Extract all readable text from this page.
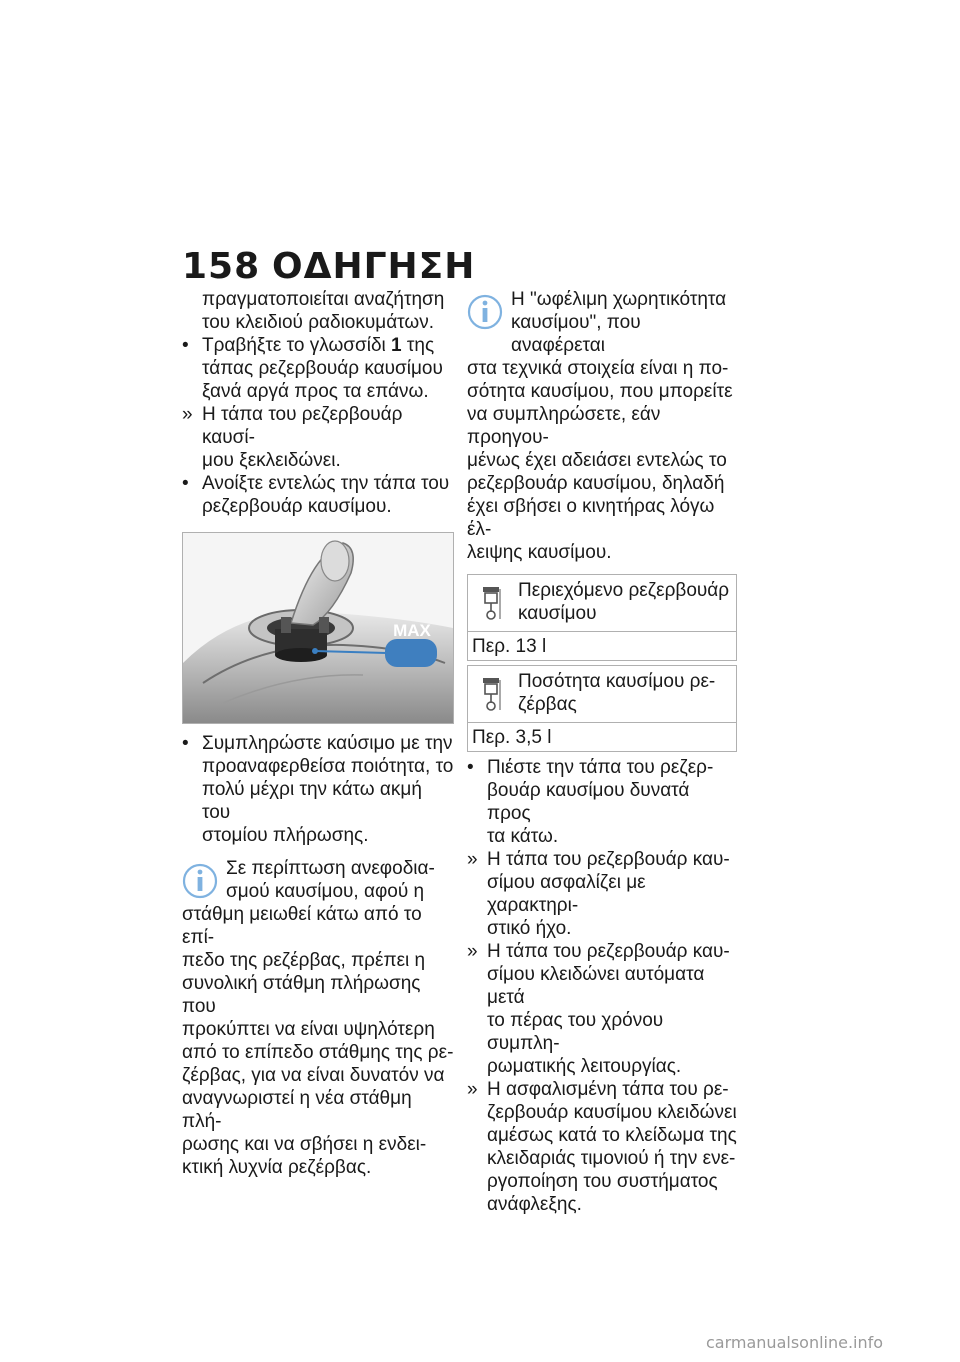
158 ΟΔΗΓΗΣΗ
πραγματοποιείται αναζήτηση
του κλειδιού ραδιοκυμάτων.
• Τραβήξτε το γλωσσίδι 1 της
τάπας ρεζερβουάρ καυσίμου
ξανά αργά προς τα επάνω.
» Η τάπα του ρεζερβουάρ καυσί-
μου ξεκλειδώνει.
• Ανοίξτε εντελώς την τάπα του
ρεζερβουάρ καυσίμου.
• Συμπληρώστε καύσιμο με την
προαναφερθείσα ποιότητα, το
πολύ μέχρι την κάτω ακμή του
στομίου πλήρωσης.
Σε περίπτωση ανεφοδια-
σμού καυσίμου, αφού η
στάθμη μειωθεί κάτω από το επί-
πεδο της ρεζέρβας, πρέπει η
συνολική στάθμη πλήρωσης που
προκύπτει να είναι υψηλότερη
από το επίπεδο στάθμης της ρε-
ζέρβας, για να είναι δυνατόν να
αναγνωριστεί η νέα στάθμη πλή-
ρωσης και να σβήσει η ενδει-
κτική λυχνία ρεζέρβας.
MAX
Η "ωφέλιμη χωρητικότητα
καυσίμου", που αναφέρεται
στα τεχνικά στοιχεία είναι η πο-
σότητα καυσίμου, που μπορείτε
να συμπληρώσετε, εάν προηγου-
μένως έχει αδειάσει εντελώς το
ρεζερβουάρ καυσίμου, δηλαδή
έχει σβήσει ο κινητήρας λόγω έλ-
λειψης καυσίμου.
Περιεχόμενο ρεζερβουάρ
καυσίμου
Περ. 13 l
Ποσότητα καυσίμου ρε-
ζέρβας
Περ. 3,5 l
• Πιέστε την τάπα του ρεζερ-
βουάρ καυσίμου δυνατά προς
τα κάτω.
» Η τάπα του ρεζερβουάρ καυ-
σίμου ασφαλίζει με χαρακτηρι-
στικό ήχο.
» Η τάπα του ρεζερβουάρ καυ-
σίμου κλειδώνει αυτόματα μετά
το πέρας του χρόνου συμπλη-
ρωματικής λειτουργίας.
» Η ασφαλισμένη τάπα του ρε-
ζερβουάρ καυσίμου κλειδώνει
αμέσως κατά το κλείδωμα της
κλειδαριάς τιμονιού ή την ενε-
ργοποίηση του συστήματος
ανάφλεξης.
carmanualsonline.info
